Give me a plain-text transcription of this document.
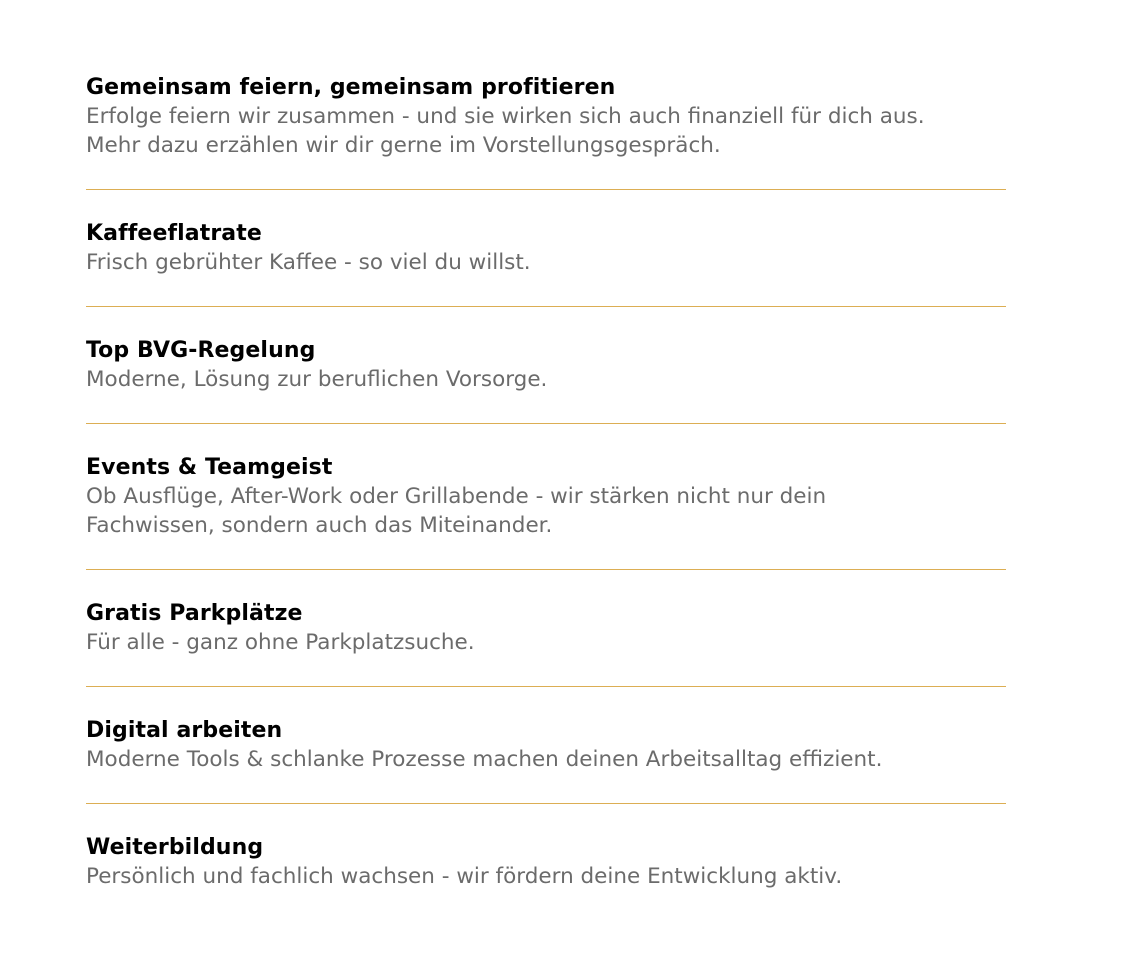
Gemeinsam feiern, gemeinsam profitieren

Erfolge feiern wir zusammen - und sie wirken sich auch finanziell für dich aus.

Mehr dazu erzählen wir dir gerne im Vorstellungsgespräch.

Kaffeeflatrate

Frisch gebrühter Kaffee - so viel du willst.

Top BVG-Regelung

Moderne, Lösung zur beruflichen Vorsorge.

Events & Teamgeist

Ob Ausflüge, After-Work oder Grillabende - wir stärken nicht nur dein

Fachwissen, sondern auch das Miteinander.

Gratis Parkplätze

Für alle - ganz ohne Parkplatzsuche.

Digital arbeiten

Moderne Tools & schlanke Prozesse machen deinen Arbeitsalltag effizient.

Weiterbildung

Persönlich und fachlich wachsen - wir fördern deine Entwicklung aktiv.
